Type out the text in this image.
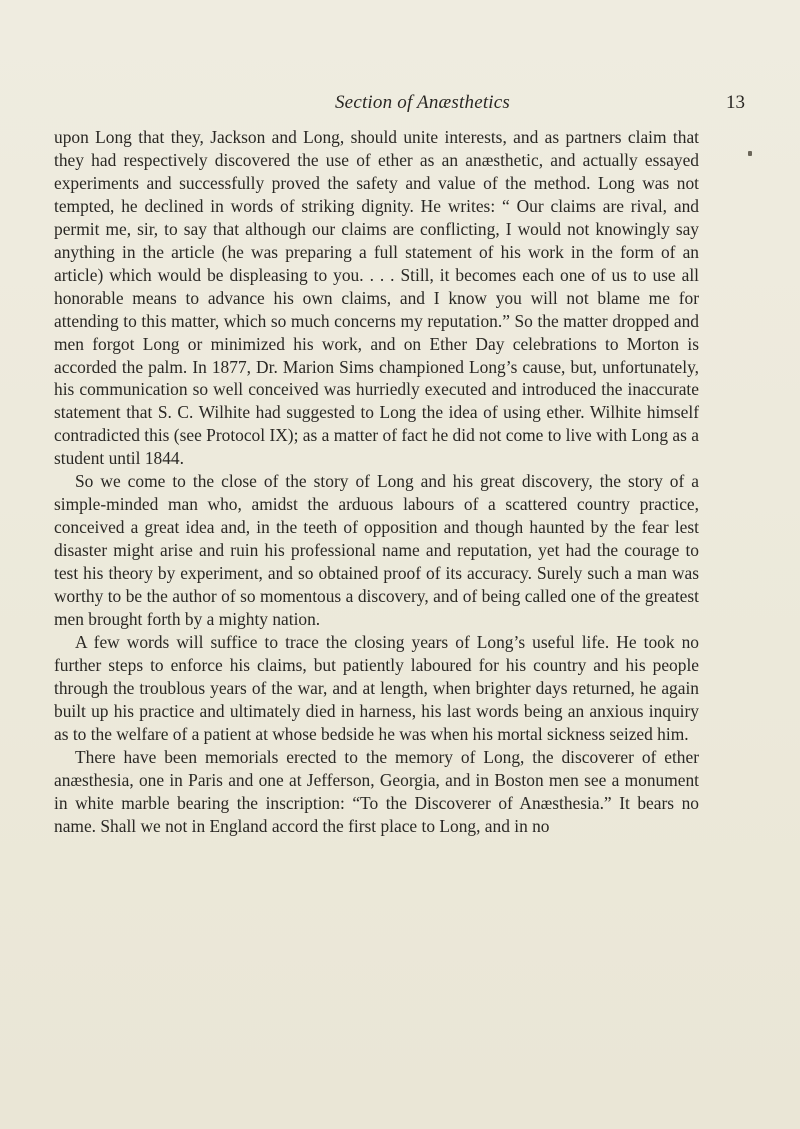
Section of Anæsthetics	13

upon Long that they, Jackson and Long, should unite interests, and as partners claim that they had respectively discovered the use of ether as an anæsthetic, and actually essayed experiments and successfully proved the safety and value of the method. Long was not tempted, he declined in words of striking dignity. He writes: “ Our claims are rival, and permit me, sir, to say that although our claims are conflicting, I would not knowingly say anything in the article (he was preparing a full statement of his work in the form of an article) which would be displeasing to you. . . . Still, it becomes each one of us to use all honorable means to advance his own claims, and I know you will not blame me for attending to this matter, which so much concerns my reputation.” So the matter dropped and men forgot Long or minimized his work, and on Ether Day celebrations to Morton is accorded the palm. In 1877, Dr. Marion Sims championed Long’s cause, but, unfortunately, his communication so well conceived was hurriedly executed and introduced the inaccurate statement that S. C. Wilhite had suggested to Long the idea of using ether. Wilhite himself contradicted this (see Protocol IX); as a matter of fact he did not come to live with Long as a student until 1844.

So we come to the close of the story of Long and his great discovery, the story of a simple-minded man who, amidst the arduous labours of a scattered country practice, conceived a great idea and, in the teeth of opposition and though haunted by the fear lest disaster might arise and ruin his professional name and reputation, yet had the courage to test his theory by experiment, and so obtained proof of its accuracy. Surely such a man was worthy to be the author of so momentous a discovery, and of being called one of the greatest men brought forth by a mighty nation.

A few words will suffice to trace the closing years of Long’s useful life. He took no further steps to enforce his claims, but patiently laboured for his country and his people through the troublous years of the war, and at length, when brighter days returned, he again built up his practice and ultimately died in harness, his last words being an anxious inquiry as to the welfare of a patient at whose bedside he was when his mortal sickness seized him.

There have been memorials erected to the memory of Long, the discoverer of ether anæsthesia, one in Paris and one at Jefferson, Georgia, and in Boston men see a monument in white marble bearing the inscription: “To the Discoverer of Anæsthesia.” It bears no name. Shall we not in England accord the first place to Long, and in no
